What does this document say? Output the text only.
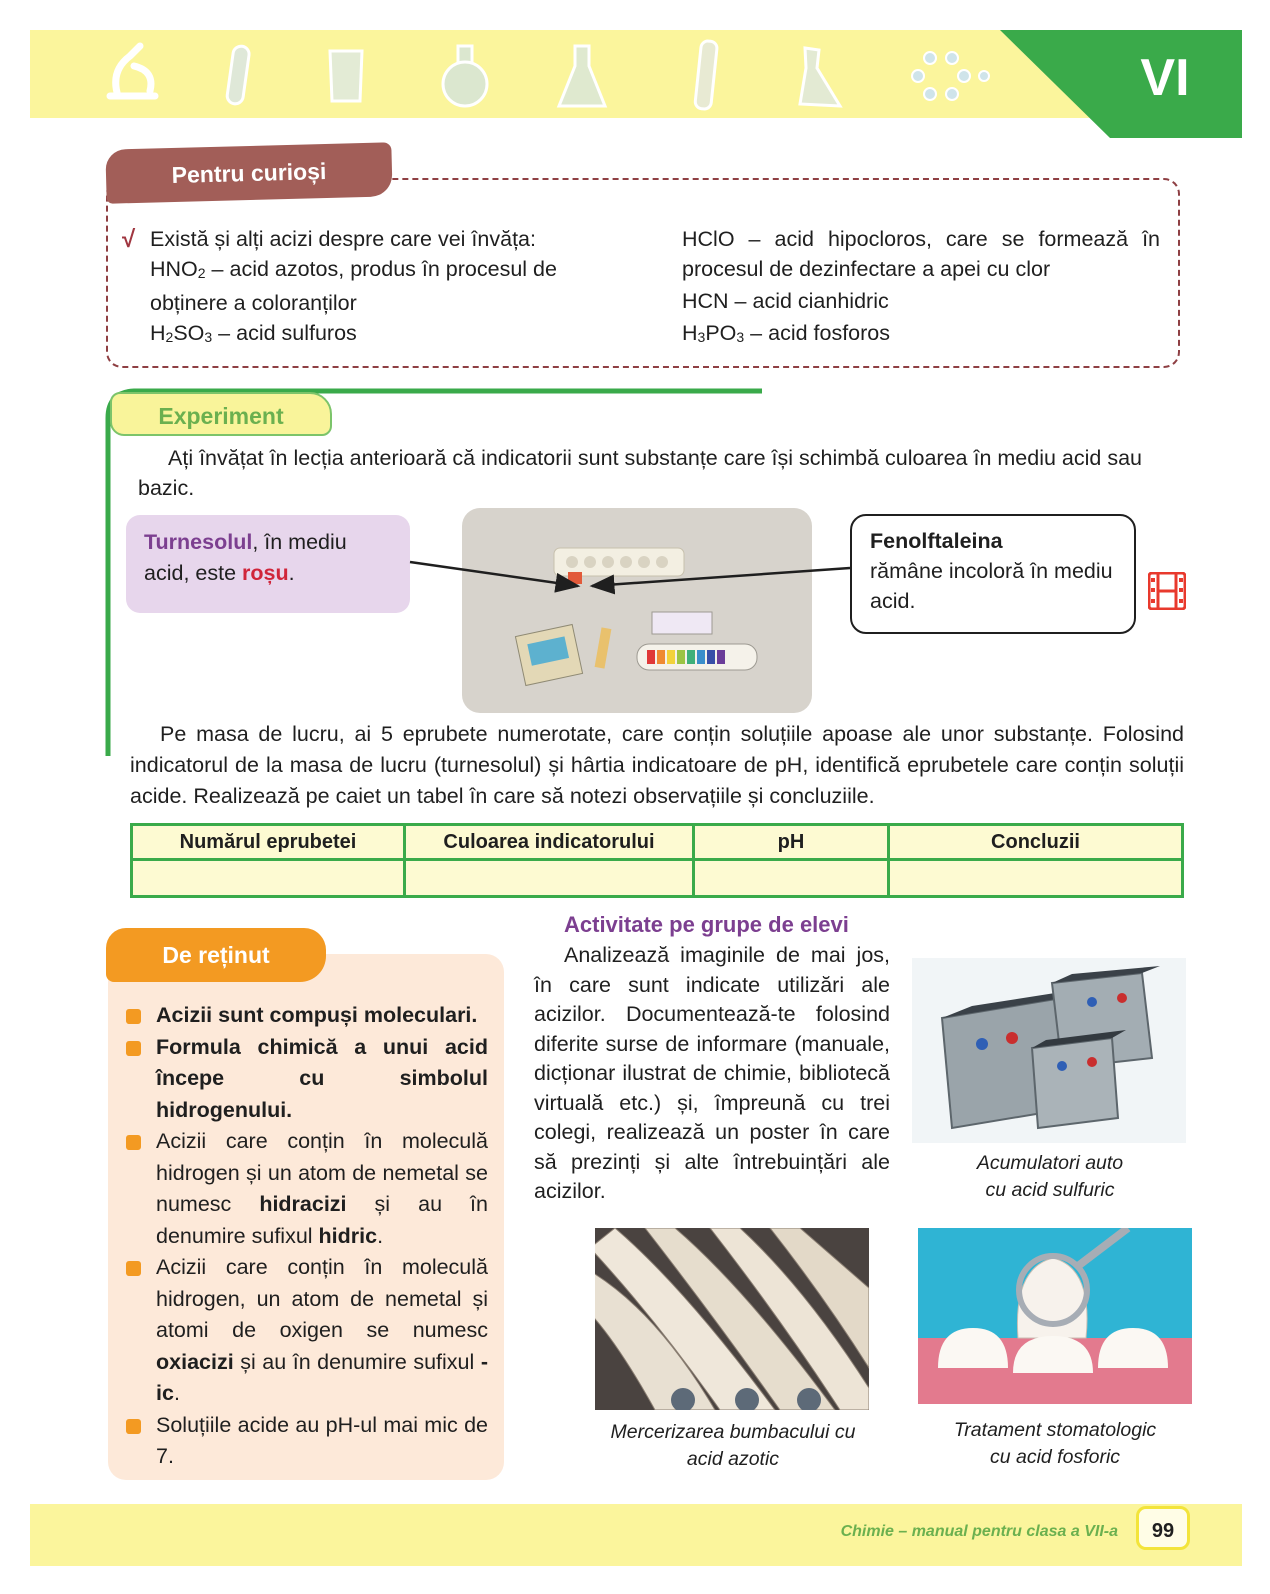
VI
Pentru curioși
√ Există și alți acizi despre care vei învăța:

$HNO_2$ – acid azotos, produs în procesul de obținere a coloranților

$H_2SO_3$ – acid sulfuros

HClO – acid hipocloros, care se formează în procesul de dezinfectare a apei cu clor

HCN – acid cianhidric

$H_3PO_3$ – acid fosforos

Experiment

Ați învățat în lecția anterioară că indicatorii sunt substanțe care își schimbă culoarea în mediu acid sau bazic.

Turnesolul, în mediu acid, este roșu.
Fenolftaleina
rămâne incoloră în mediu acid.

Pe masa de lucru, ai 5 eprubete numerotate, care conțin soluțiile apoase ale unor substanțe. Folosind indicatorul de la masa de lucru (turnesolul) și hârtia indicatoare de pH, identifică eprubetele care conțin soluții acide. Realizează pe caiet un tabel în care să notezi observațiile și concluziile.

Numărul eprubetei	Culoarea indicatorului	pH	Concluzii

De reținut
Acizii sunt compuși moleculari.
Formula chimică a unui acid începe cu simbolul hidrogenului.
Acizii care conțin în moleculă hidrogen și un atom de nemetal se numesc hidracizi și au în denumire sufixul hidric.
Acizii care conțin în moleculă hidrogen, un atom de nemetal și atomi de oxigen se numesc oxiacizi și au în denumire sufixul -ic.
Soluțiile acide au pH-ul mai mic de 7.
Activitate pe grupe de elevi

Analizează imaginile de mai jos, în care sunt indicate utilizări ale acizilor. Documentează-te folosind diferite surse de informare (manuale, dicționar ilustrat de chimie, bibliotecă virtuală etc.) și, împreună cu trei colegi, realizează un poster în care să prezinți și alte întrebuințări ale acizilor.

Acumulatori auto
cu acid sulfuric
Mercerizarea bumbacului cu
acid azotic
Tratament stomatologic
cu acid fosforic
Chimie – manual pentru clasa a VII-a	99
